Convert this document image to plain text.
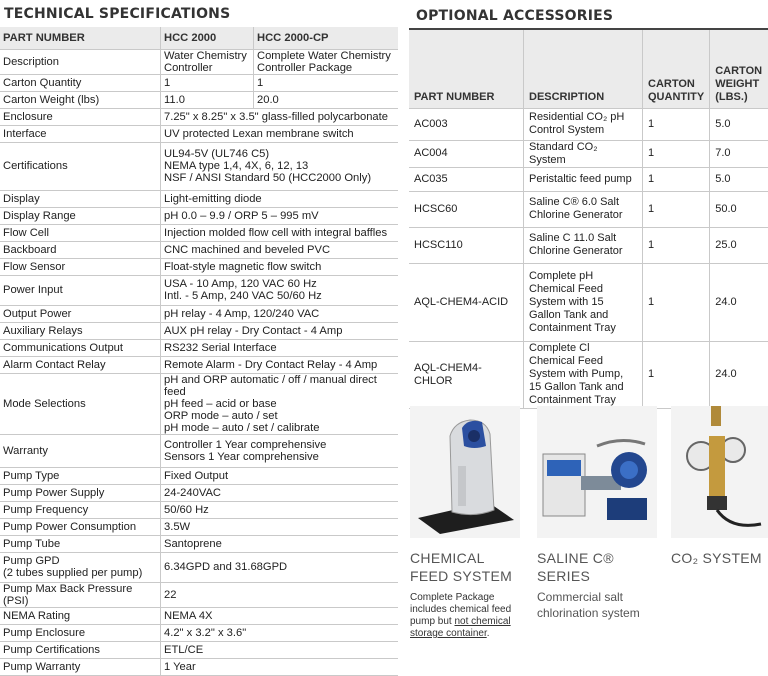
TECHNICAL SPECIFICATIONS
PART NUMBER	HCC 2000	HCC 2000-CP
Description	Water Chemistry Controller	Complete Water Chemistry Controller Package
Carton Quantity	1	1
Carton Weight (lbs)	11.0	20.0
Enclosure	7.25" x 8.25" x 3.5" glass-filled polycarbonate	
Interface	UV protected Lexan membrane switch	
Certifications	UL94-5V (UL746 C5)
NEMA type 1,4, 4X, 6, 12, 13
NSF / ANSI Standard 50 (HCC2000 Only)	
Display	Light-emitting diode	
Display Range	pH 0.0 – 9.9 / ORP 5 – 995 mV	
Flow Cell	Injection molded flow cell with integral baffles	
Backboard	CNC machined and beveled PVC	
Flow Sensor	Float-style magnetic flow switch	
Power Input	USA - 10 Amp, 120 VAC 60 Hz
Intl. - 5 Amp, 240 VAC 50/60 Hz	
Output Power	pH relay - 4 Amp, 120/240 VAC	
Auxiliary Relays	AUX pH relay - Dry Contact - 4 Amp	
Communications Output	RS232 Serial Interface	
Alarm Contact Relay	Remote Alarm - Dry Contact Relay - 4 Amp	
Mode Selections	pH and ORP automatic / off / manual direct feed
pH feed – acid or base
ORP mode – auto / set
pH mode – auto / set / calibrate	
Warranty	Controller 1 Year comprehensive
Sensors 1 Year comprehensive	
Pump Type	Fixed Output	
Pump Power Supply	24-240VAC	
Pump Frequency	50/60 Hz	
Pump Power Consumption	3.5W	
Pump Tube	Santoprene	
Pump GPD
(2 tubes supplied per pump)	6.34GPD and 31.68GPD	
Pump Max Back Pressure (PSI)	22	
NEMA Rating	NEMA 4X	
Pump Enclosure	4.2" x 3.2" x 3.6"	
Pump Certifications	ETL/CE	
Pump Warranty	1 Year	
OPTIONAL ACCESSORIES
PART NUMBER	DESCRIPTION	CARTON QUANTITY	CARTON WEIGHT (LBS.)
AC003	Residential CO₂ pH Control System	1	5.0
AC004	Standard CO₂ System	1	7.0
AC035	Peristaltic feed pump	1	5.0
HCSC60	Saline C® 6.0 Salt Chlorine Generator	1	50.0
HCSC110	Saline C 11.0 Salt Chlorine Generator	1	25.0
AQL-CHEM4-ACID	Complete pH Chemical Feed System with 15 Gallon Tank and Containment Tray	1	24.0
AQL-CHEM4-CHLOR	Complete Cl Chemical Feed System with Pump, 15 Gallon Tank and Containment Tray	1	24.0
CHEMICAL
FEED SYSTEM
Complete Package includes chemical feed pump but not chemical storage container.
SALINE C®
SERIES
Commercial salt chlorination system
CO₂ SYSTEM
